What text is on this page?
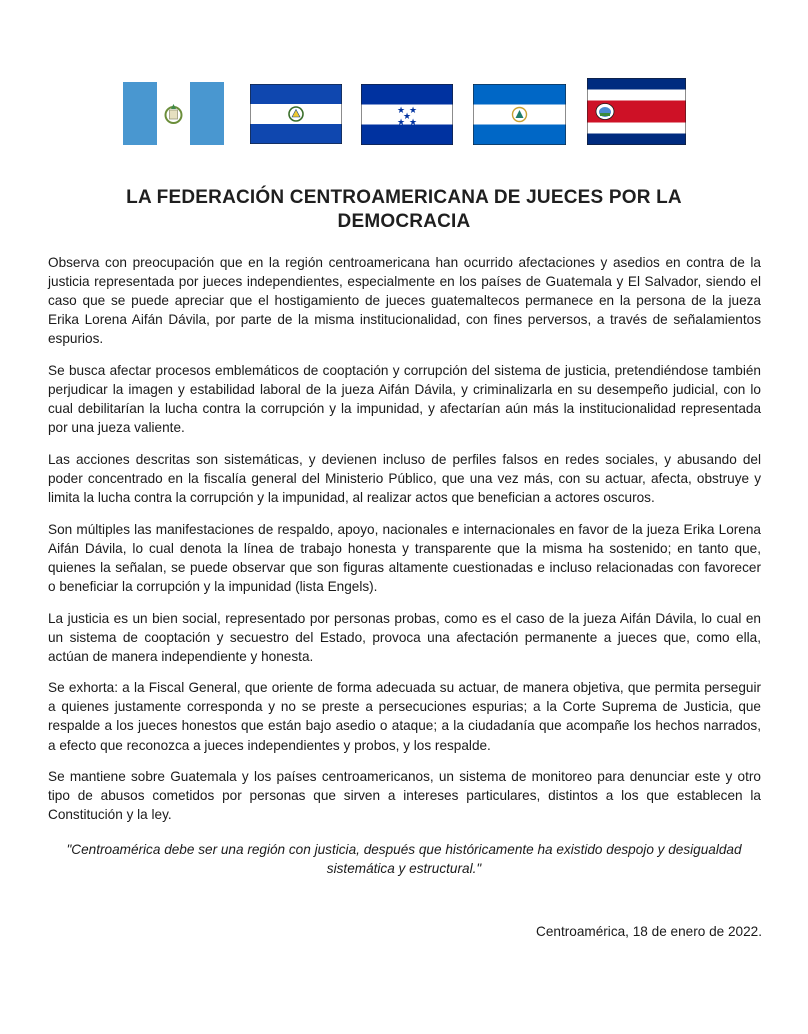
★ ★
★
★ ★
LA FEDERACIÓN CENTROAMERICANA DE JUECES POR LA DEMOCRACIA

Observa con preocupación que en la región centroamericana han ocurrido afectaciones y asedios en contra de la justicia representada por jueces independientes, especialmente en los países de Guatemala y El Salvador, siendo el caso que se puede apreciar que el hostigamiento de jueces guatemaltecos permanece en la persona de la jueza Erika Lorena Aifán Dávila, por parte de la misma institucionalidad, con fines perversos, a través de señalamientos espurios.

Se busca afectar procesos emblemáticos de cooptación y corrupción del sistema de justicia, pretendiéndose también perjudicar la imagen y estabilidad laboral de la jueza Aifán Dávila, y criminalizarla en su desempeño judicial, con lo cual debilitarían la lucha contra la corrupción y la impunidad, y afectarían aún más la institucionalidad representada por una jueza valiente.

Las acciones descritas son sistemáticas, y devienen incluso de perfiles falsos en redes sociales, y abusando del poder concentrado en la fiscalía general del Ministerio Público, que una vez más, con su actuar, afecta, obstruye y limita la lucha contra la corrupción y la impunidad, al realizar actos que benefician a actores oscuros.

Son múltiples las manifestaciones de respaldo, apoyo, nacionales e internacionales en favor de la jueza Erika Lorena Aifán Dávila, lo cual denota la línea de trabajo honesta y transparente que la misma ha sostenido; en tanto que, quienes la señalan, se puede observar que son figuras altamente cuestionadas e incluso relacionadas con favorecer o beneficiar la corrupción y la impunidad (lista Engels).

La justicia es un bien social, representado por personas probas, como es el caso de la jueza Aifán Dávila, lo cual en un sistema de cooptación y secuestro del Estado, provoca una afectación permanente a jueces que, como ella, actúan de manera independiente y honesta.

Se exhorta: a la Fiscal General, que oriente de forma adecuada su actuar, de manera objetiva, que permita perseguir a quienes justamente corresponda y no se preste a persecuciones espurias; a la Corte Suprema de Justicia, que respalde a los jueces honestos que están bajo asedio o ataque; a la ciudadanía que acompañe los hechos narrados, a efecto que reconozca a jueces independientes y probos, y los respalde.

Se mantiene sobre Guatemala y los países centroamericanos, un sistema de monitoreo para denunciar este y otro tipo de abusos cometidos por personas que sirven a intereses particulares, distintos a los que establecen la Constitución y la ley.

"Centroamérica debe ser una región con justicia, después que históricamente ha existido despojo y desigualdad sistemática y estructural."
Centroamérica, 18 de enero de 2022.
